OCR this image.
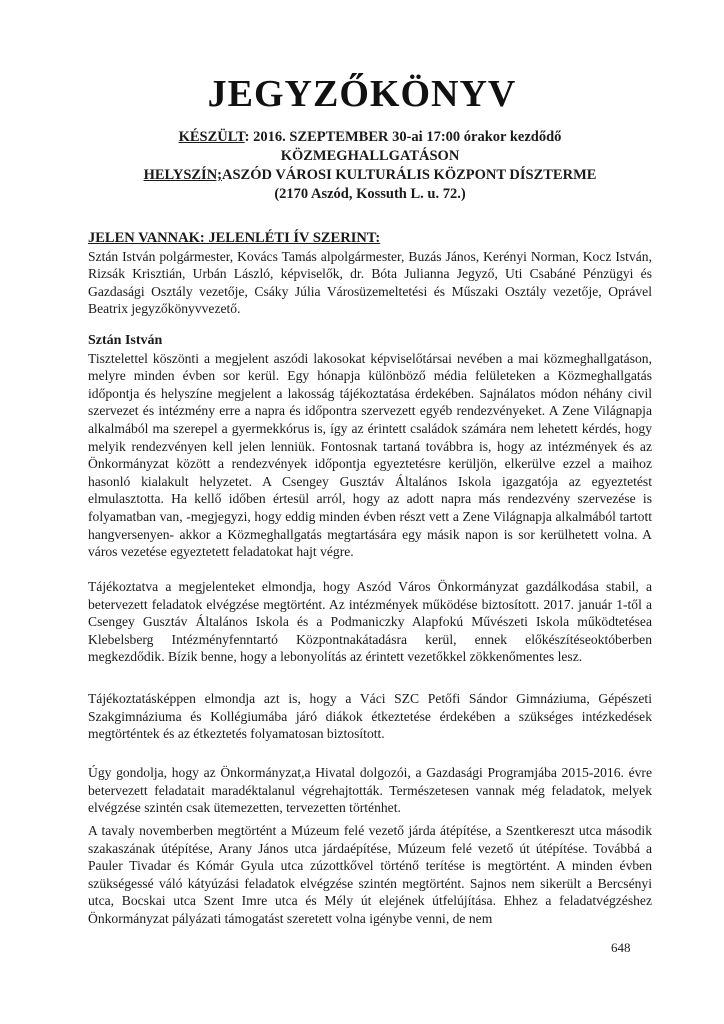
JEGYZŐKÖNYV
KÉSZÜLT: 2016. SZEPTEMBER 30-ai 17:00 órakor kezdődő
KÖZMEGHALLGATÁSON
HELYSZÍN;ASZÓD VÁROSI KULTURÁLIS KÖZPONT DÍSZTERME
(2170 Aszód, Kossuth L. u. 72.)
JELEN VANNAK: JELENLÉTI ÍV SZERINT:

Sztán István polgármester, Kovács Tamás alpolgármester, Buzás János, Kerényi Norman, Kocz István, Rizsák Krisztián, Urbán László, képviselők, dr. Bóta Julianna Jegyző, Uti Csabáné Pénzügyi és Gazdasági Osztály vezetője, Csáky Júlia Városüzemeltetési és Műszaki Osztály vezetője, Oprável Beatrix jegyzőkönyvvezető.

Sztán István

Tisztelettel köszönti a megjelent aszódi lakosokat képviselőtársai nevében a mai közmeghallgatáson, melyre minden évben sor kerül. Egy hónapja különböző média felületeken a Közmeghallgatás időpontja és helyszíne megjelent a lakosság tájékoztatása érdekében. Sajnálatos módon néhány civil szervezet és intézmény erre a napra és időpontra szervezett egyéb rendezvényeket. A Zene Világnapja alkalmából ma szerepel a gyermekkórus is, így az érintett családok számára nem lehetett kérdés, hogy melyik rendezvényen kell jelen lenniük. Fontosnak tartaná továbbra is, hogy az intézmények és az Önkormányzat között a rendezvények időpontja egyeztetésre kerüljön, elkerülve ezzel a maihoz hasonló kialakult helyzetet. A Csengey Gusztáv Általános Iskola igazgatója az egyeztetést elmulasztotta. Ha kellő időben értesül arról, hogy az adott napra más rendezvény szervezése is folyamatban van, -megjegyzi, hogy eddig minden évben részt vett a Zene Világnapja alkalmából tartott hangversenyen- akkor a Közmeghallgatás megtartására egy másik napon is sor kerülhetett volna. A város vezetése egyeztetett feladatokat hajt végre.

Tájékoztatva a megjelenteket elmondja, hogy Aszód Város Önkormányzat gazdálkodása stabil, a betervezett feladatok elvégzése megtörtént. Az intézmények működése biztosított. 2017. január 1-től a Csengey Gusztáv Általános Iskola és a Podmaniczky Alapfokú Művészeti Iskola működtetésea Klebelsberg Intézményfenntartó Központnakátadásra kerül, ennek előkészítéseoktóberben megkezdődik. Bízik benne, hogy a lebonyolítás az érintett vezetőkkel zökkenőmentes lesz.

Tájékoztatásképpen elmondja azt is, hogy a Váci SZC Petőfi Sándor Gimnáziuma, Gépészeti Szakgimnáziuma és Kollégiumába járó diákok étkeztetése érdekében a szükséges intézkedések megtörténtek és az étkeztetés folyamatosan biztosított.

Úgy gondolja, hogy az Önkormányzat,a Hivatal dolgozói, a Gazdasági Programjába 2015-2016. évre betervezett feladatait maradéktalanul végrehajtották. Természetesen vannak még feladatok, melyek elvégzése szintén csak ütemezetten, tervezetten történhet.

A tavaly novemberben megtörtént a Múzeum felé vezető járda átépítése, a Szentkereszt utca második szakaszának útépítése, Arany János utca járdaépítése, Múzeum felé vezető út útépítése. Továbbá a Pauler Tivadar és Kómár Gyula utca zúzottkővel történő terítése is megtörtént. A minden évben szükségessé váló kátyúzási feladatok elvégzése szintén megtörtént. Sajnos nem sikerült a Bercsényi utca, Bocskai utca Szent Imre utca és Mély út elejének útfelújítása. Ehhez a feladatvégzéshez Önkormányzat pályázati támogatást szeretett volna igénybe venni, de nem

648
